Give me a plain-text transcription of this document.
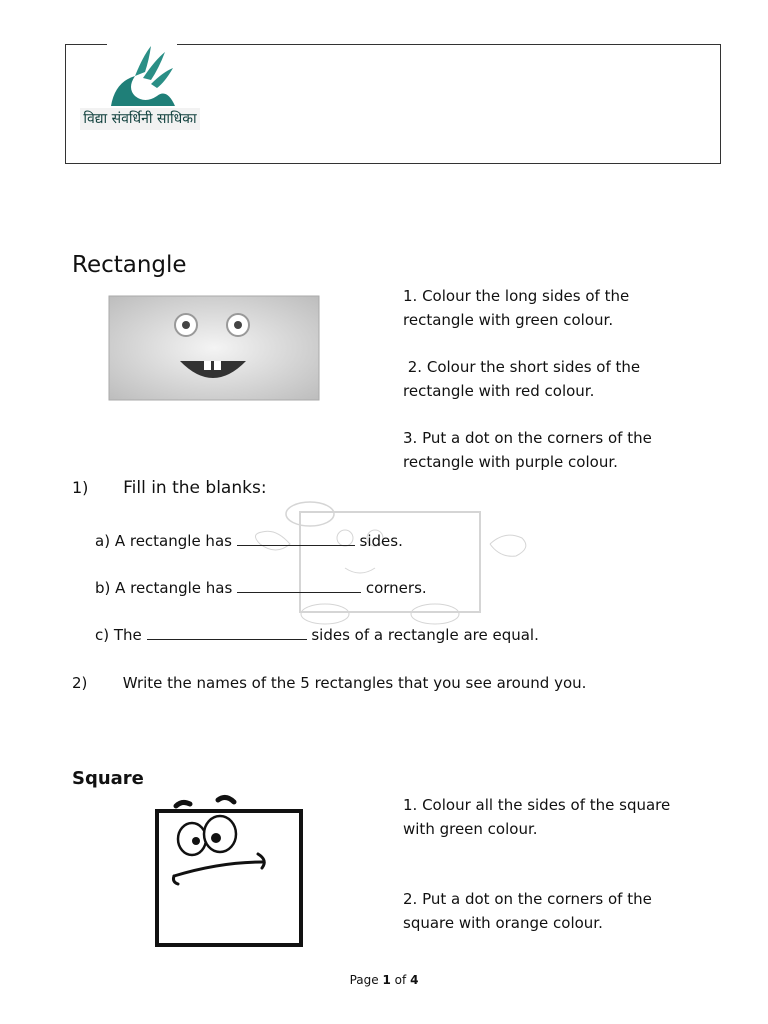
विद्या संवर्धिनी साधिका
Rectangle
1. Colour the long sides of the
rectangle with green colour.
2. Colour the short sides of the
rectangle with red colour.
3. Put a dot on the corners of the
rectangle with purple colour.
1) Fill in the blanks:
a) A rectangle has	sides.
b) A rectangle has	corners.
c) The	sides of a rectangle are equal.
2) Write the names of the 5 rectangles that you see around you.
Square
1. Colour all the sides of the square
with green colour.
2. Put a dot on the corners of the
square with orange colour.
Page 1 of 4
